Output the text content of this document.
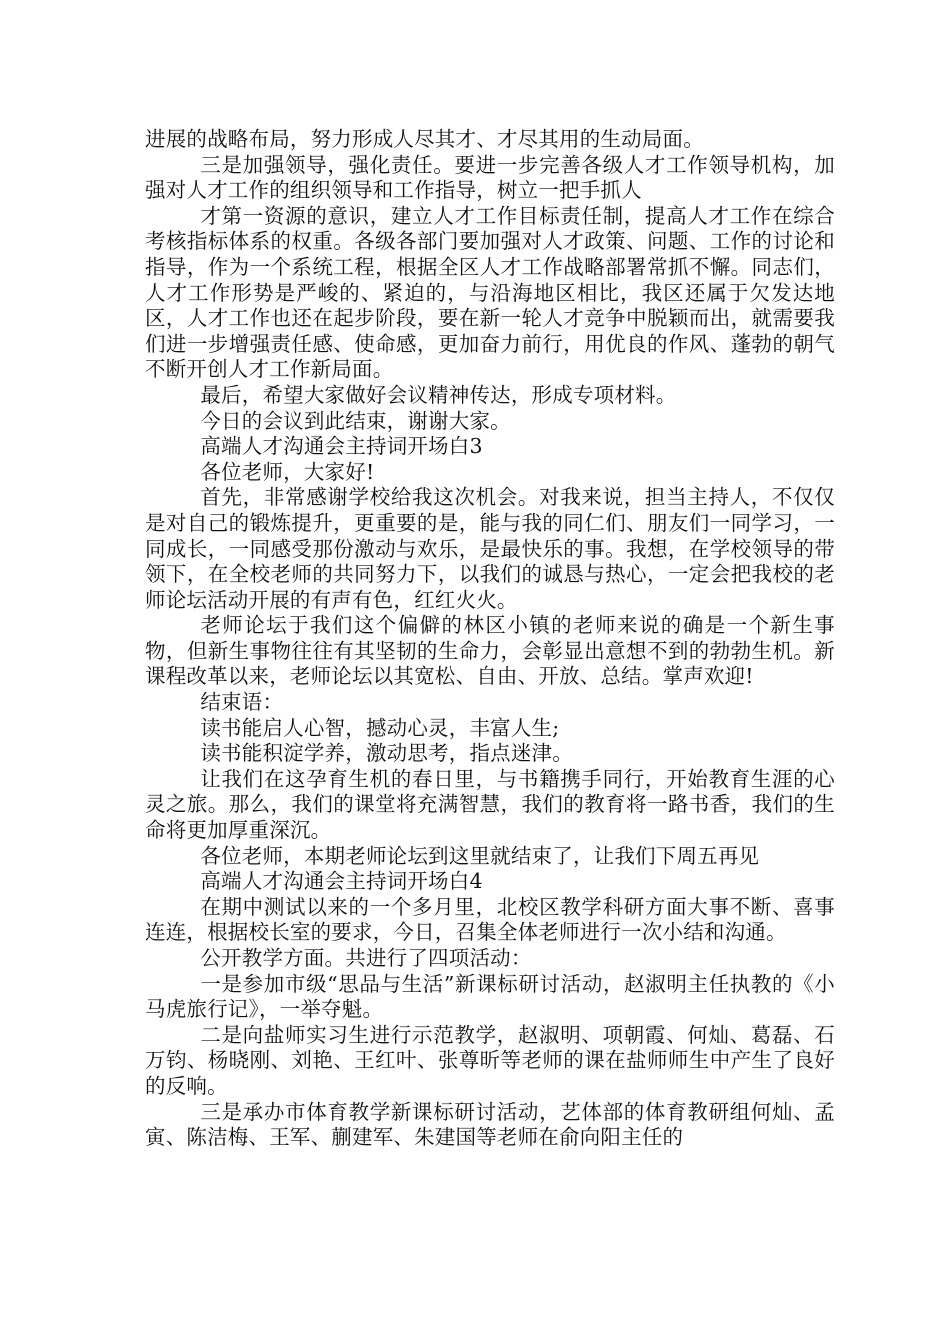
进展的战略布局，努力形成人尽其才、才尽其用的生动局面。

三是加强领导，强化责任。要进一步完善各级人才工作领导机构，加强对人才工作的组织领导和工作指导，树立一把手抓人

才第一资源的意识，建立人才工作目标责任制，提高人才工作在综合考核指标体系的权重。各级各部门要加强对人才政策、问题、工作的讨论和指导，作为一个系统工程，根据全区人才工作战略部署常抓不懈。同志们，人才工作形势是严峻的、紧迫的，与沿海地区相比，我区还属于欠发达地区，人才工作也还在起步阶段，要在新一轮人才竞争中脱颖而出，就需要我们进一步增强责任感、使命感，更加奋力前行，用优良的作风、蓬勃的朝气不断开创人才工作新局面。

最后，希望大家做好会议精神传达，形成专项材料。

今日的会议到此结束，谢谢大家。

高端人才沟通会主持词开场白3

各位老师，大家好!

首先，非常感谢学校给我这次机会。对我来说，担当主持人，不仅仅是对自己的锻炼提升，更重要的是，能与我的同仁们、朋友们一同学习，一同成长，一同感受那份激动与欢乐，是最快乐的事。我想，在学校领导的带领下，在全校老师的共同努力下，以我们的诚恳与热心，一定会把我校的老师论坛活动开展的有声有色，红红火火。

老师论坛于我们这个偏僻的林区小镇的老师来说的确是一个新生事物，但新生事物往往有其坚韧的生命力，会彰显出意想不到的勃勃生机。新课程改革以来，老师论坛以其宽松、自由、开放、总结。掌声欢迎!

结束语：

读书能启人心智，撼动心灵，丰富人生;

读书能积淀学养，激动思考，指点迷津。

让我们在这孕育生机的春日里，与书籍携手同行，开始教育生涯的心灵之旅。那么，我们的课堂将充满智慧，我们的教育将一路书香，我们的生命将更加厚重深沉。

各位老师，本期老师论坛到这里就结束了，让我们下周五再见

高端人才沟通会主持词开场白4

在期中测试以来的一个多月里，北校区教学科研方面大事不断、喜事连连，根据校长室的要求，今日，召集全体老师进行一次小结和沟通。

公开教学方面。共进行了四项活动：

一是参加市级“思品与生活”新课标研讨活动，赵淑明主任执教的《小马虎旅行记》，一举夺魁。

二是向盐师实习生进行示范教学，赵淑明、项朝霞、何灿、葛磊、石万钧、杨晓刚、刘艳、王红叶、张尊昕等老师的课在盐师师生中产生了良好的反响。

三是承办市体育教学新课标研讨活动，艺体部的体育教研组何灿、孟寅、陈洁梅、王军、蒯建军、朱建国等老师在俞向阳主任的
